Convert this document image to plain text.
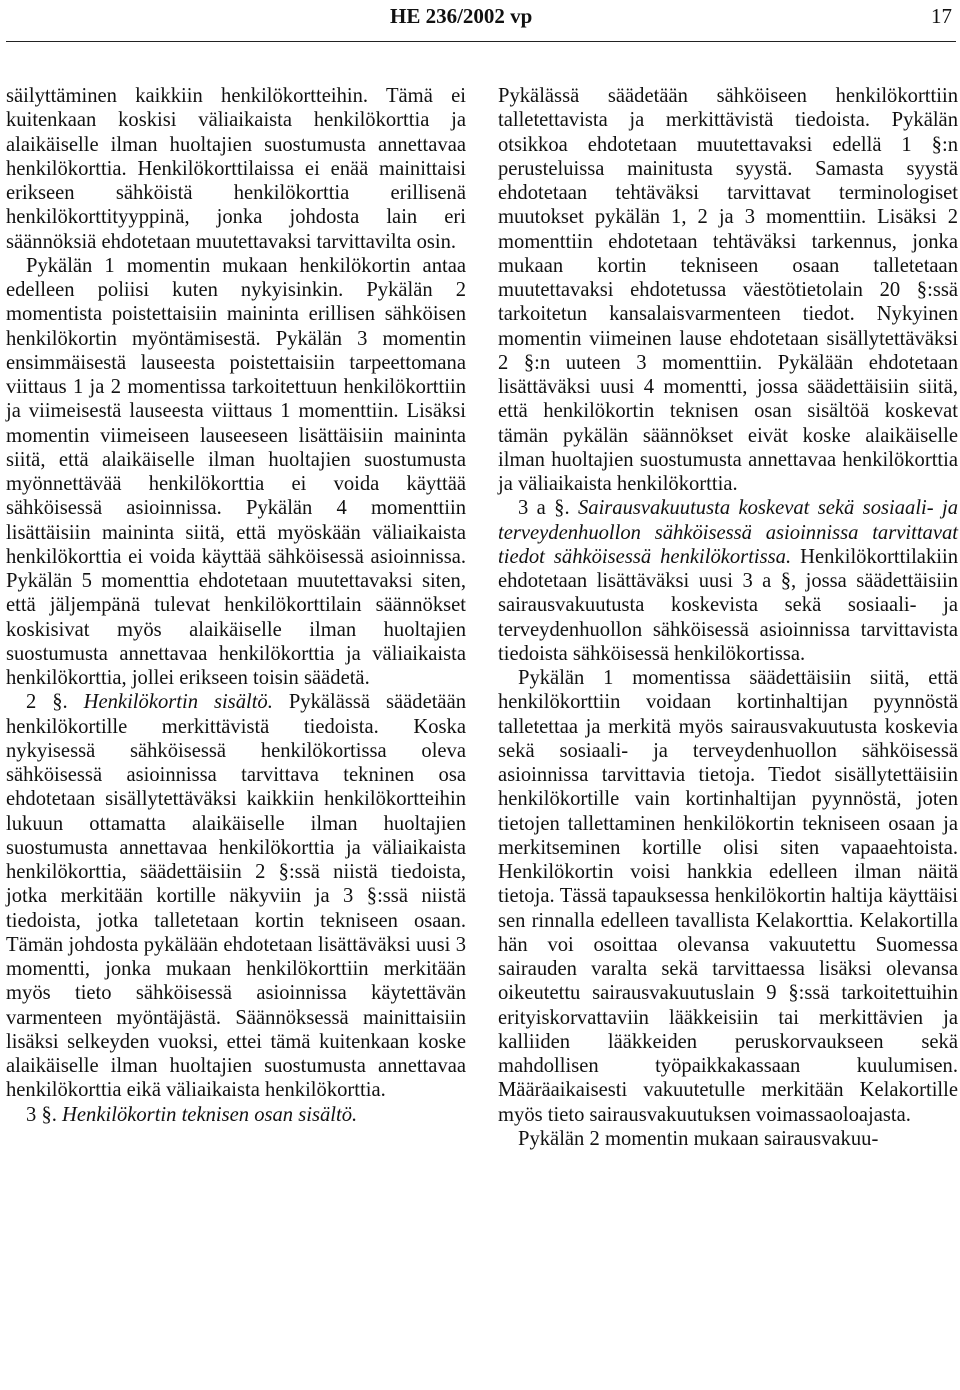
HE 236/2002 vp	17

säilyttäminen kaikkiin henkilökortteihin. Tämä ei kuitenkaan koskisi väliaikaista henkilökorttia ja alaikäiselle ilman huoltajien suostumusta annettavaa henkilökorttia. Henkilökorttilaissa ei enää mainittaisi erikseen sähköistä henkilökorttia erillisenä henkilökorttityyppinä, jonka johdosta lain eri säännöksiä ehdotetaan muutettavaksi tarvittavilta osin.

Pykälän 1 momentin mukaan henkilökortin antaa edelleen poliisi kuten nykyisinkin. Pykälän 2 momentista poistettaisiin maininta erillisen sähköisen henkilökortin myöntämisestä. Pykälän 3 momentin ensimmäisestä lauseesta poistettaisiin tarpeettomana viittaus 1 ja 2 momentissa tarkoitettuun henkilökorttiin ja viimeisestä lauseesta viittaus 1 momenttiin. Lisäksi momentin viimeiseen lauseeseen lisättäisiin maininta siitä, että alaikäiselle ilman huoltajien suostumusta myönnettävää henkilökorttia ei voida käyttää sähköisessä asioinnissa. Pykälän 4 momenttiin lisättäisiin maininta siitä, että myöskään väliaikaista henkilökorttia ei voida käyttää sähköisessä asioinnissa. Pykälän 5 momenttia ehdotetaan muutettavaksi siten, että jäljempänä tulevat henkilökorttilain säännökset koskisivat myös alaikäiselle ilman huoltajien suostumusta annettavaa henkilökorttia ja väliaikaista henkilökorttia, jollei erikseen toisin säädetä.

2 §. Henkilökortin sisältö. Pykälässä säädetään henkilökortille merkittävistä tiedoista. Koska nykyisessä sähköisessä henkilökortissa oleva sähköisessä asioinnissa tarvittava tekninen osa ehdotetaan sisällytettäväksi kaikkiin henkilökortteihin lukuun ottamatta alaikäiselle ilman huoltajien suostumusta annettavaa henkilökorttia ja väliaikaista henkilökorttia, säädettäisiin 2 §:ssä niistä tiedoista, jotka merkitään kortille näkyviin ja 3 §:ssä niistä tiedoista, jotka talletetaan kortin tekniseen osaan. Tämän johdosta pykälään ehdotetaan lisättäväksi uusi 3 momentti, jonka mukaan henkilökorttiin merkitään myös tieto sähköisessä asioinnissa käytettävän varmenteen myöntäjästä. Säännöksessä mainittaisiin lisäksi selkeyden vuoksi, ettei tämä kuitenkaan koske alaikäiselle ilman huoltajien suostumusta annettavaa henkilökorttia eikä väliaikaista henkilökorttia.

3 §. Henkilökortin teknisen osan sisältö.

Pykälässä säädetään sähköiseen henkilökorttiin talletettavista ja merkittävistä tiedoista. Pykälän otsikkoa ehdotetaan muutettavaksi edellä 1 §:n perusteluissa mainitusta syystä. Samasta syystä ehdotetaan tehtäväksi tarvittavat terminologiset muutokset pykälän 1, 2 ja 3 momenttiin. Lisäksi 2 momenttiin ehdotetaan tehtäväksi tarkennus, jonka mukaan kortin tekniseen osaan talletetaan muutettavaksi ehdotetussa väestötietolain 20 §:ssä tarkoitetun kansalaisvarmenteen tiedot. Nykyinen momentin viimeinen lause ehdotetaan sisällytettäväksi 2 §:n uuteen 3 momenttiin. Pykälään ehdotetaan lisättäväksi uusi 4 momentti, jossa säädettäisiin siitä, että henkilökortin teknisen osan sisältöä koskevat tämän pykälän säännökset eivät koske alaikäiselle ilman huoltajien suostumusta annettavaa henkilökorttia ja väliaikaista henkilökorttia.

3 a §. Sairausvakuutusta koskevat sekä sosiaali- ja terveydenhuollon sähköisessä asioinnissa tarvittavat tiedot sähköisessä henkilökortissa. Henkilökorttilakiin ehdotetaan lisättäväksi uusi 3 a §, jossa säädettäisiin sairausvakuutusta koskevista sekä sosiaali- ja terveydenhuollon sähköisessä asioinnissa tarvittavista tiedoista sähköisessä henkilökortissa.

Pykälän 1 momentissa säädettäisiin siitä, että henkilökorttiin voidaan kortinhaltijan pyynnöstä talletettaa ja merkitä myös sairausvakuutusta koskevia sekä sosiaali- ja terveydenhuollon sähköisessä asioinnissa tarvittavia tietoja. Tiedot sisällytettäisiin henkilökortille vain kortinhaltijan pyynnöstä, joten tietojen tallettaminen henkilökortin tekniseen osaan ja merkitseminen kortille olisi siten vapaaehtoista. Henkilökortin voisi hankkia edelleen ilman näitä tietoja. Tässä tapauksessa henkilökortin haltija käyttäisi sen rinnalla edelleen tavallista Kelakorttia. Kelakortilla hän voi osoittaa olevansa vakuutettu Suomessa sairauden varalta sekä tarvittaessa lisäksi olevansa oikeutettu sairausvakuutuslain 9 §:ssä tarkoitettuihin erityiskorvattaviin lääkkeisiin tai merkittävien ja kalliiden lääkkeiden peruskorvaukseen sekä mahdollisen työpaikkakassaan kuulumisen. Määräaikaisesti vakuutetulle merkitään Kelakortille myös tieto sairausvakuutuksen voimassaoloajasta.

Pykälän 2 momentin mukaan sairausvakuu-
